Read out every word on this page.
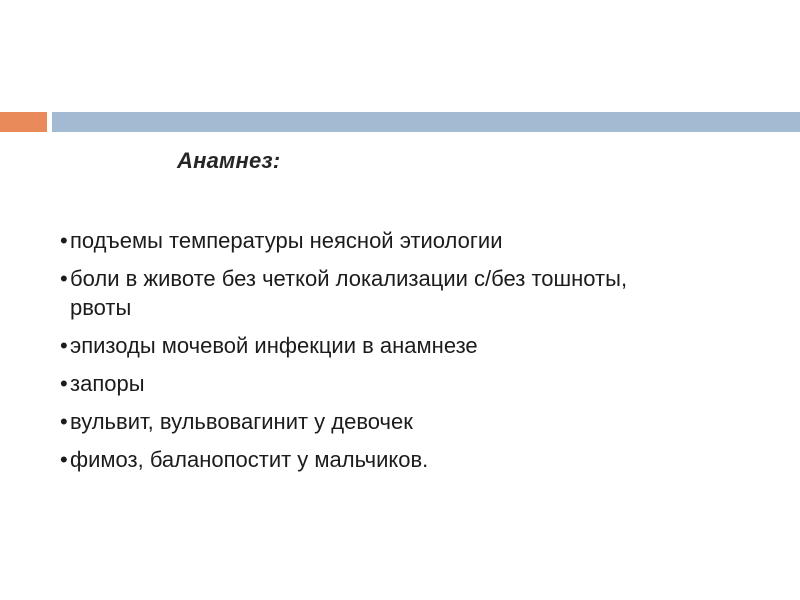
Анамнез:
• подъемы температуры неясной этиологии
• боли в животе без четкой локализации с/без тошноты,
рвоты
• эпизоды мочевой инфекции в анамнезе
• запоры
• вульвит, вульвовагинит у девочек
• фимоз, баланопостит у мальчиков.
